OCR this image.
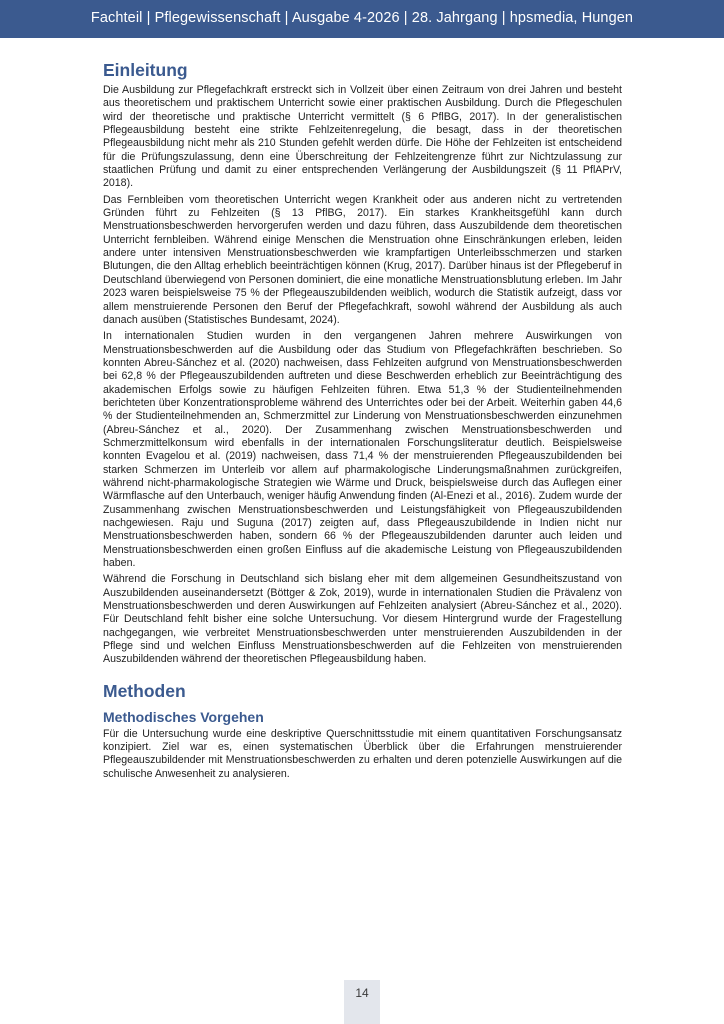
Fachteil | Pflegewissenschaft | Ausgabe 4-2026 | 28. Jahrgang | hpsmedia, Hungen
Einleitung

Die Ausbildung zur Pflegefachkraft erstreckt sich in Vollzeit über einen Zeitraum von drei Jahren und besteht aus theoretischem und praktischem Unterricht sowie einer praktischen Ausbildung. Durch die Pflegeschulen wird der theoretische und praktische Unterricht vermittelt (§ 6 PflBG, 2017). In der generalistischen Pflegeausbildung besteht eine strikte Fehlzeitenregelung, die besagt, dass in der theoretischen Pflegeausbildung nicht mehr als 210 Stunden gefehlt werden dürfe. Die Höhe der Fehlzeiten ist entscheidend für die Prüfungszulassung, denn eine Überschreitung der Fehlzeitengrenze führt zur Nichtzulassung zur staatlichen Prüfung und damit zu einer entsprechenden Verlängerung der Ausbildungszeit (§ 11 PflAPrV, 2018).

Das Fernbleiben vom theoretischen Unterricht wegen Krankheit oder aus anderen nicht zu vertretenden Gründen führt zu Fehlzeiten (§ 13 PflBG, 2017). Ein starkes Krankheitsgefühl kann durch Menstruationsbeschwerden hervorgerufen werden und dazu führen, dass Auszubildende dem theoretischen Unterricht fernbleiben. Während einige Menschen die Menstruation ohne Einschränkungen erleben, leiden andere unter intensiven Menstruationsbeschwerden wie krampfartigen Unterleibsschmerzen und starken Blutungen, die den Alltag erheblich beeinträchtigen können (Krug, 2017). Darüber hinaus ist der Pflegeberuf in Deutschland überwiegend von Personen dominiert, die eine monatliche Menstruationsblutung erleben. Im Jahr 2023 waren beispielsweise 75 % der Pflegeauszubildenden weiblich, wodurch die Statistik aufzeigt, dass vor allem menstruierende Personen den Beruf der Pflegefachkraft, sowohl während der Ausbildung als auch danach ausüben (Statistisches Bundesamt, 2024).

In internationalen Studien wurden in den vergangenen Jahren mehrere Auswirkungen von Menstruationsbeschwerden auf die Ausbildung oder das Studium von Pflegefachkräften beschrieben. So konnten Abreu-Sánchez et al. (2020) nachweisen, dass Fehlzeiten aufgrund von Menstruationsbeschwerden bei 62,8 % der Pflegeauszubildenden auftreten und diese Beschwerden erheblich zur Beeinträchtigung des akademischen Erfolgs sowie zu häufigen Fehlzeiten führen. Etwa 51,3 % der Studienteilnehmenden berichteten über Konzentrationsprobleme während des Unterrichtes oder bei der Arbeit. Weiterhin gaben 44,6 % der Studienteilnehmenden an, Schmerzmittel zur Linderung von Menstruationsbeschwerden einzunehmen (Abreu-Sánchez et al., 2020). Der Zusammenhang zwischen Menstruationsbeschwerden und Schmerzmittelkonsum wird ebenfalls in der internationalen Forschungsliteratur deutlich. Beispielsweise konnten Evagelou et al. (2019) nachweisen, dass 71,4 % der menstruierenden Pflegeauszubildenden bei starken Schmerzen im Unterleib vor allem auf pharmakologische Linderungsmaßnahmen zurückgreifen, während nicht-pharmakologische Strategien wie Wärme und Druck, beispielsweise durch das Auflegen einer Wärmflasche auf den Unterbauch, weniger häufig Anwendung finden (Al-Enezi et al., 2016). Zudem wurde der Zusammenhang zwischen Menstruationsbeschwerden und Leistungsfähigkeit von Pflegeauszubildenden nachgewiesen. Raju und Suguna (2017) zeigten auf, dass Pflegeauszubildende in Indien nicht nur Menstruationsbeschwerden haben, sondern 66 % der Pflegeauszubildenden darunter auch leiden und Menstruationsbeschwerden einen großen Einfluss auf die akademische Leistung von Pflegeauszubildenden haben.

Während die Forschung in Deutschland sich bislang eher mit dem allgemeinen Gesundheitszustand von Auszubildenden auseinandersetzt (Böttger & Zok, 2019), wurde in internationalen Studien die Prävalenz von Menstruationsbeschwerden und deren Auswirkungen auf Fehlzeiten analysiert (Abreu-Sánchez et al., 2020). Für Deutschland fehlt bisher eine solche Untersuchung. Vor diesem Hintergrund wurde der Fragestellung nachgegangen, wie verbreitet Menstruationsbeschwerden unter menstruierenden Auszubildenden in der Pflege sind und welchen Einfluss Menstruationsbeschwerden auf die Fehlzeiten von menstruierenden Auszubildenden während der theoretischen Pflegeausbildung haben.

Methoden
Methodisches Vorgehen

Für die Untersuchung wurde eine deskriptive Querschnittsstudie mit einem quantitativen Forschungsansatz konzipiert. Ziel war es, einen systematischen Überblick über die Erfahrungen menstruierender Pflegeauszubildender mit Menstruationsbeschwerden zu erhalten und deren potenzielle Auswirkungen auf die schulische Anwesenheit zu analysieren.

14
